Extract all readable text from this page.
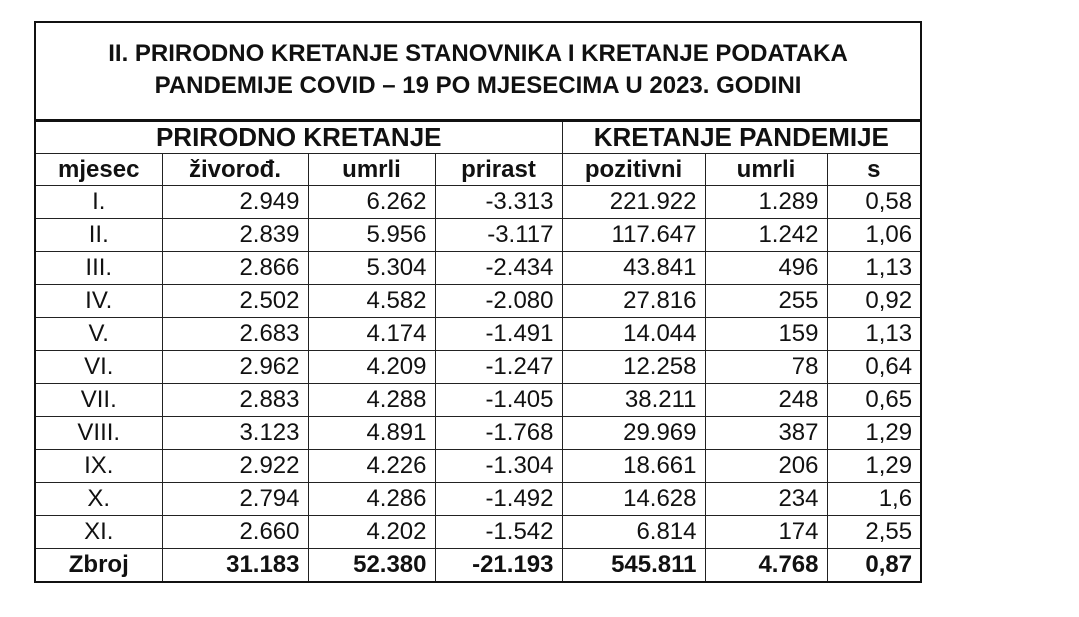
II. PRIRODNO KRETANJE STANOVNIKA I KRETANJE PODATAKA PANDEMIJE COVID – 19 PO MJESECIMA U 2023. GODINI						
PRIRODNO KRETANJE				KRETANJE PANDEMIJE		
mjesec	živorođ.	umrli	prirast	pozitivni	umrli	s
I.	2.949	6.262	-3.313	221.922	1.289	0,58
II.	2.839	5.956	-3.117	117.647	1.242	1,06
III.	2.866	5.304	-2.434	43.841	496	1,13
IV.	2.502	4.582	-2.080	27.816	255	0,92
V.	2.683	4.174	-1.491	14.044	159	1,13
VI.	2.962	4.209	-1.247	12.258	78	0,64
VII.	2.883	4.288	-1.405	38.211	248	0,65
VIII.	3.123	4.891	-1.768	29.969	387	1,29
IX.	2.922	4.226	-1.304	18.661	206	1,29
X.	2.794	4.286	-1.492	14.628	234	1,6
XI.	2.660	4.202	-1.542	6.814	174	2,55
Zbroj	31.183	52.380	-21.193	545.811	4.768	0,87
